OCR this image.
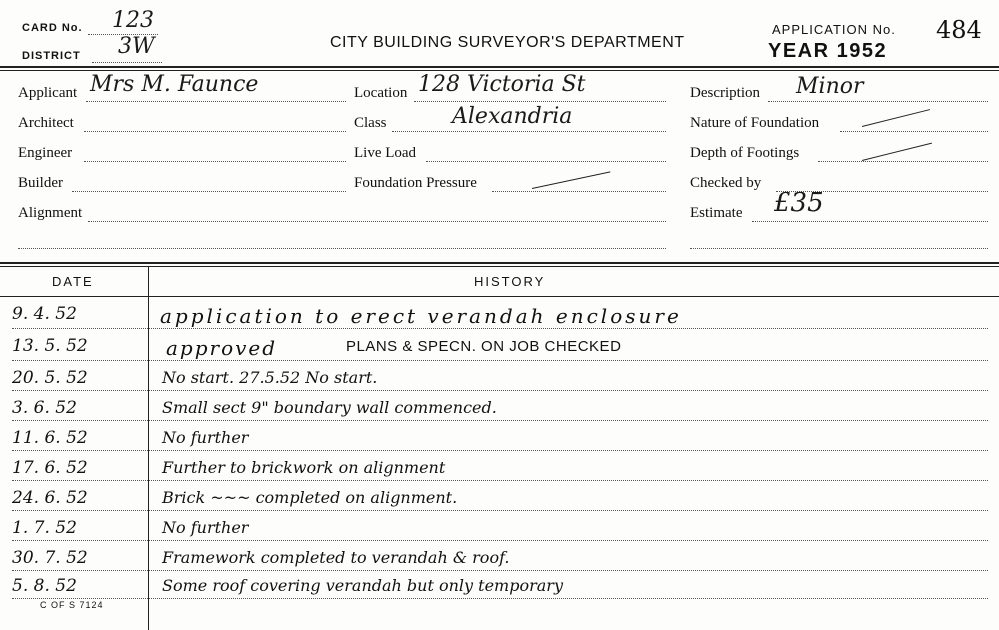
CARD No. 123
DISTRICT 3W	CITY BUILDING SURVEYOR'S DEPARTMENT
APPLICATION No. 484
YEAR 1952
Applicant Mrs M. Faunce
Architect
Engineer
Builder
Alignment
Location 128 Victoria St
Class	Alexandria
Live Load
Foundation Pressure
Description Minor
Nature of Foundation
Depth of Footings
Checked by
Estimate £35
DATE	HISTORY
9. 4. 52	application to erect verandah enclosure
13. 5. 52	approved	PLANS & SPECN. ON JOB CHECKED
20. 5. 52	No start. 27.5.52 No start.
3. 6. 52	Small sect 9" boundary wall commenced.
11. 6. 52	No further
17. 6. 52	Further to brickwork on alignment
24. 6. 52	Brick ~~~ completed on alignment.
1. 7. 52	No further
30. 7. 52	Framework completed to verandah & roof.
5. 8. 52	Some roof covering verandah but only temporary
C OF S 7124
